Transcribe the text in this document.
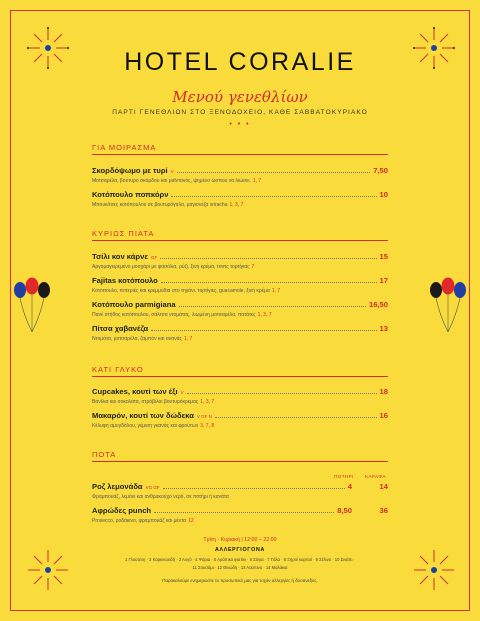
HOTEL CORALIE
Μενού γενεθλίων
ΠΑΡΤΙ ΓΕΝΕΘΛΙΩΝ ΣΤΟ ΞΕΝΟΔΟΧΕΙΟ, ΚΑΘΕ ΣΑΒΒΑΤΟΚΥΡΙΑΚΟ
• • •
ΓΙΑ ΜΟΙΡΑΣΜΑ
Σκορδόψωμο με τυρί V	7,50
Μοτσαρέλα, βούτυρο σκόρδου και μαϊντανός, ψημένο ώσπου να λιώσει. 1, 7
Κοτόπουλο ποπκόρν	10
Μπουκίτσες κοτόπουλου σε βουτυρόγαλα, μαγιονέζα sriracha 1, 3, 7
ΚΥΡΙΩΣ ΠΙΑΤΑ
Τσίλι κον κάρνε GF	15
Αργομαγειρεμένο μοσχάρι με φασόλια, ρύζι, ξινή κρέμα, τσιπς τορτίγιας 7
Fajitas κοτόπουλο	17
Κοτόπουλο, πιπεριές και κρεμμύδια στο τηγάνι, τορτίγιες, guacamole, ξινή κρέμα 1, 7
Κοτόπουλο parmigiana	16,50
Πανέ στήθος κοτόπουλου, σάλτσα ντομάτας, λιωμένη μοτσαρέλα, πατάτες 1, 3, 7
Πίτσα χαβανέζα	13
Ντομάτα, μοτσαρέλα, ζαμπόν και ανανάς 1, 7
ΚΑΤΙ ΓΛΥΚΟ
Cupcakes, κουτί των έξι V	18
Βανίλια και σοκολάτα, στρόβιλοι βουτυρόκρεμας 1, 3, 7
Μακαρόν, κουτί των δώδεκα V GF N	16
Κέλυφη αμυγδάλου, γέμιση γκανάς και φρούτων 3, 7, 8
ΠΟΤΑ
ΠΟΤΗΡΙ ΚΑΡΑΦΑ
Ροζ λεμονάδα VG GF	4	14
Φραμπουάζ, λεμόνι και ανθρακούχο νερό, σε ποτήρι ή κανάτα
Αφρώδες punch	8,50	36
Prosecco, ροδάκινο, φραμπουάζ και μέντα 12
Τρίτη - Κυριακή | 12:00 – 22:00
ΑΛΛΕΡΓΙΟΓΟΝΑ
1 Γλουτένη · 2 Καρκινοειδή · 3 Αυγό · 4 Ψάρια · 5 Αράπικο φιστίκι · 6 Σόγια · 7 Γάλα · 8 Ξηροί καρποί · 9 Σέλινο · 10 Σινάπι ·
11 Σουσάμι · 12 Θειώδη · 13 Λούπινο · 14 Μαλάκια
Παρακαλούμε ενημερώστε το προσωπικό μας για τυχόν αλλεργίες ή δυσανεξίες.
